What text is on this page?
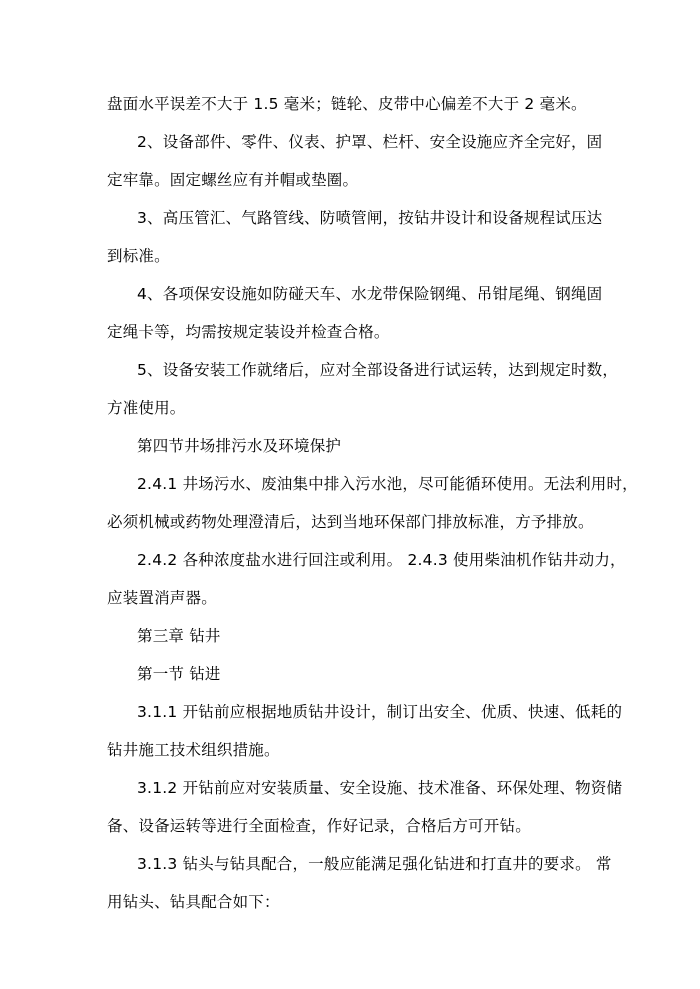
盘面水平误差不大于 1.5 毫米；链轮、皮带中心偏差不大于 2 毫米。
2、设备部件、零件、仪表、护罩、栏杆、安全设施应齐全完好，固
定牢靠。固定螺丝应有并帽或垫圈。
3、高压管汇、气路管线、防喷管闸，按钻井设计和设备规程试压达
到标准。
4、各项保安设施如防碰天车、水龙带保险钢绳、吊钳尾绳、钢绳固
定绳卡等，均需按规定装设并检查合格。
5、设备安装工作就绪后，应对全部设备进行试运转，达到规定时数，
方准使用。
第四节井场排污水及环境保护
2.4.1 井场污水、废油集中排入污水池，尽可能循环使用。无法利用时，
必须机械或药物处理澄清后，达到当地环保部门排放标准，方予排放。
2.4.2 各种浓度盐水进行回注或利用。 2.4.3 使用柴油机作钻井动力，
应装置消声器。
第三章 钻井
第一节 钻进
3.1.1 开钻前应根据地质钻井设计，制订出安全、优质、快速、低耗的
钻井施工技术组织措施。
3.1.2 开钻前应对安装质量、安全设施、技术准备、环保处理、物资储
备、设备运转等进行全面检查，作好记录，合格后方可开钻。
3.1.3 钻头与钻具配合，一般应能满足强化钻进和打直井的要求。 常
用钻头、钻具配合如下：
